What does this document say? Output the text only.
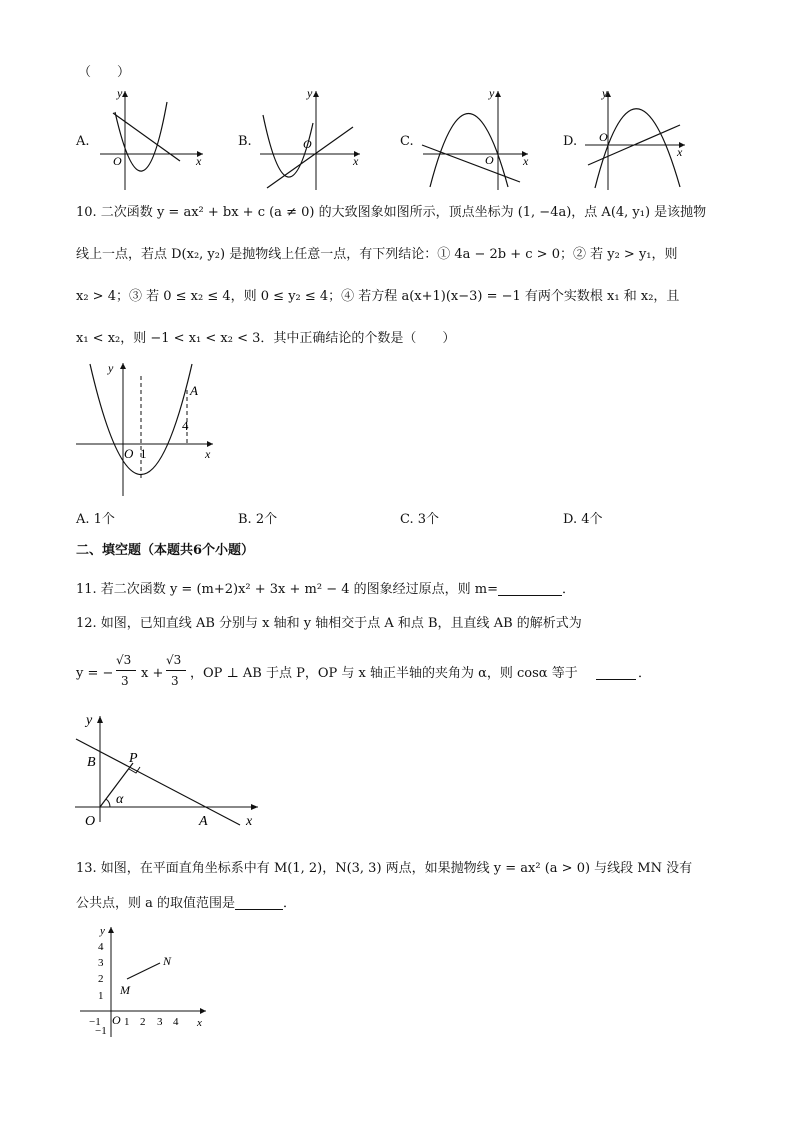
（　　）
A.
y
x
O
B.
y
x
O	C.
y
x
O
D.
y
x
O
10. 二次函数 y = ax² + bx + c (a ≠ 0) 的大致图象如图所示，顶点坐标为 (1, −4a)，点 A(4, y₁) 是该抛物
线上一点，若点 D(x₂, y₂) 是抛物线上任意一点，有下列结论：① 4a − 2b + c > 0；② 若 y₂ > y₁，则
x₂ > 4；③ 若 0 ≤ x₂ ≤ 4，则 0 ≤ y₂ ≤ 4；④ 若方程 a(x+1)(x−3) = −1 有两个实数根 x₁ 和 x₂，且
x₁ < x₂，则 −1 < x₁ < x₂ < 3．其中正确结论的个数是（　　）
y
x
O 1
4
A
A. 1个	B. 2个	C. 3个	D. 4个
二、填空题（本题共6个小题）
11. 若二次函数 y = (m+2)x² + 3x + m² − 4 的图象经过原点，则 m=	．
12. 如图，已知直线 AB 分别与 x 轴和 y 轴相交于点 A 和点 B，且直线 AB 的解析式为
y = −
√3
3 x +
√3
3 ，OP ⊥ AB 于点 P，OP 与 x 轴正半轴的夹角为 α，则 cosα 等于	．
y
x
O
B P
α
A
13. 如图，在平面直角坐标系中有 M(1, 2)，N(3, 3) 两点，如果抛物线 y = ax² (a > 0) 与线段 MN 没有
公共点，则 a 的取值范围是	．
y
x
O
−1 1 2 3 4
4
3
2
1
−1
M
N
